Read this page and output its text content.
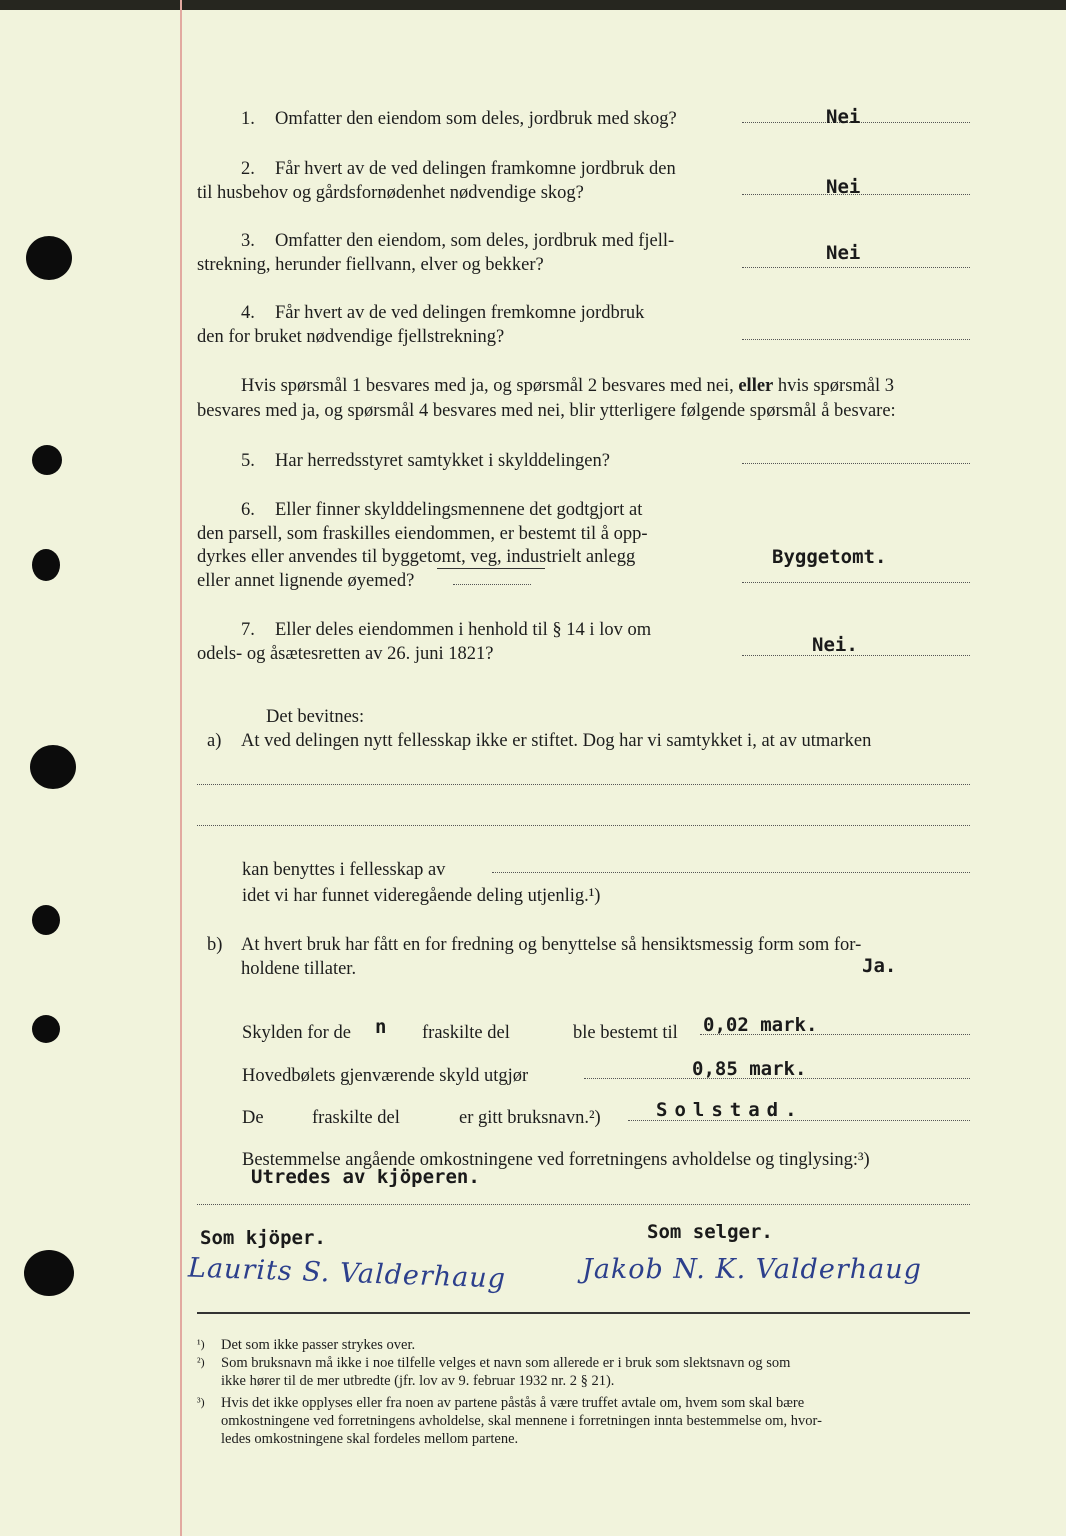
1. Omfatter den eiendom som deles, jordbruk med skog?	Nei
2. Får hvert av de ved delingen framkomne jordbruk den
til husbehov og gårdsfornødenhet nødvendige skog?	Nei
3. Omfatter den eiendom, som deles, jordbruk med fjell-
strekning, herunder fiellvann, elver og bekker?
Nei
4. Får hvert av de ved delingen fremkomne jordbruk
den for bruket nødvendige fjellstrekning?
Hvis spørsmål 1 besvares med ja, og spørsmål 2 besvares med nei, eller hvis spørsmål 3
besvares med ja, og spørsmål 4 besvares med nei, blir ytterligere følgende spørsmål å besvare:
5. Har herredsstyret samtykket i skylddelingen?
6. Eller finner skylddelingsmennene det godtgjort at
den parsell, som fraskilles eiendommen, er bestemt til å opp-
dyrkes eller anvendes til byggetomt, veg, industrielt anlegg
eller annet lignende øyemed?
Byggetomt.
7. Eller deles eiendommen i henhold til § 14 i lov om
odels- og åsætesretten av 26. juni 1821?	Nei.
Det bevitnes:
a) At ved delingen nytt fellesskap ikke er stiftet. Dog har vi samtykket i, at av utmarken
kan benyttes i fellesskap av
idet vi har funnet videregående deling utjenlig.¹)
b) At hvert bruk har fått en for fredning og benyttelse så hensiktsmessig form som for-
holdene tillater.	Ja.
Skylden for de n fraskilte del	ble bestemt til 0,02 mark.
Hovedbølets gjenværende skyld utgjør	0,85 mark.
De	fraskilte del	er gitt bruksnavn.²)	Solstad.
Bestemmelse angående omkostningene ved forretningens avholdelse og tinglysing:³)
Utredes av kjöperen.
Som kjöper.	Som selger.
Laurits S. Valderhaug	Jakob N. K. Valderhaug
¹) Det som ikke passer strykes over.
²) Som bruksnavn må ikke i noe tilfelle velges et navn som allerede er i bruk som slektsnavn og som
ikke hører til de mer utbredte (jfr. lov av 9. februar 1932 nr. 2 § 21).
³) Hvis det ikke opplyses eller fra noen av partene påstås å være truffet avtale om, hvem som skal bære
omkostningene ved forretningens avholdelse, skal mennene i forretningen innta bestemmelse om, hvor-
ledes omkostningene skal fordeles mellom partene.
